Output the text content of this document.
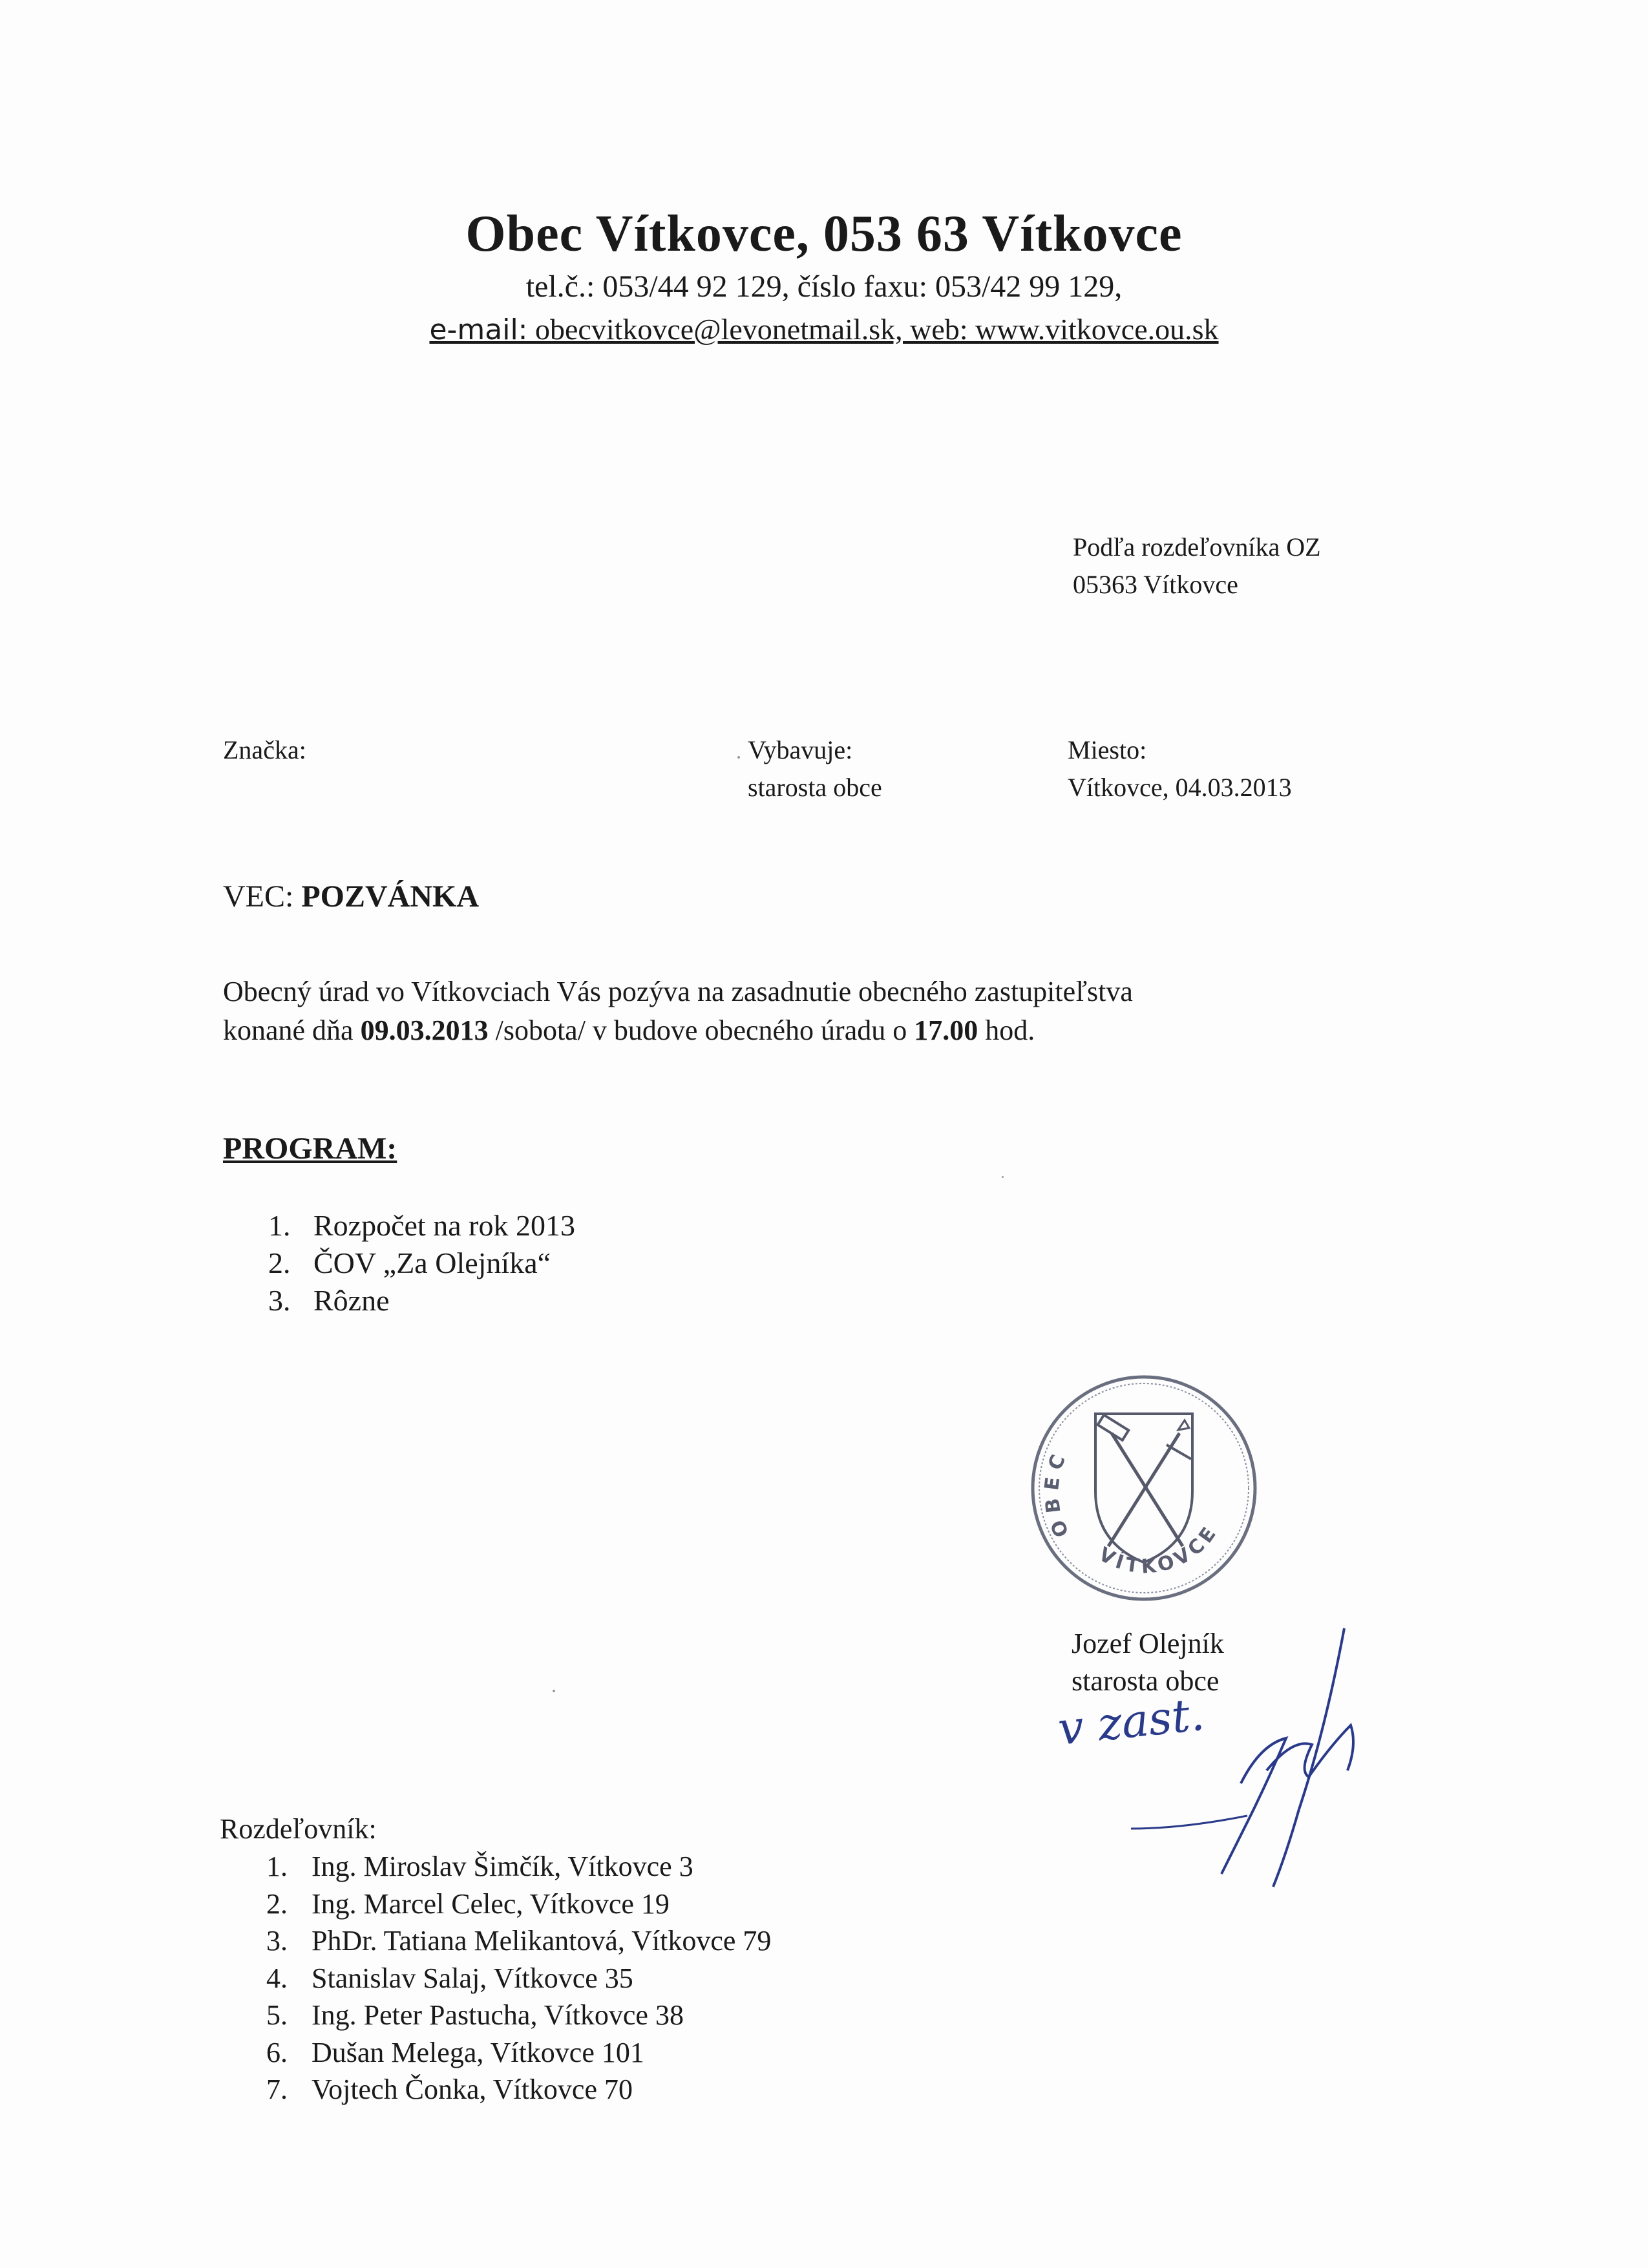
Obec Vítkovce, 053 63 Vítkovce
tel.č.: 053/44 92 129, číslo faxu: 053/42 99 129,
e-mail: obecvitkovce@levonetmail.sk, web: www.vitkovce.ou.sk
Podľa rozdeľovníka OZ
05363 Vítkovce
Značka:	Vybavuje:
starosta obce
Miesto:
Vítkovce, 04.03.2013
VEC: POZVÁNKA
Obecný úrad vo Vítkovciach Vás pozýva na zasadnutie obecného zastupiteľstva
konané dňa 09.03.2013 /sobota/ v budove obecného úradu o 17.00 hod.
PROGRAM:
1. Rozpočet na rok 2013
2. ČOV „Za Olejníka“
3. Rôzne
OBEC
VÍTKOVCE
Jozef Olejník
starosta obce
v zast.
Rozdeľovník:
1. Ing. Miroslav Šimčík, Vítkovce 3
2. Ing. Marcel Celec, Vítkovce 19
3. PhDr. Tatiana Melikantová, Vítkovce 79
4. Stanislav Salaj, Vítkovce 35
5. Ing. Peter Pastucha, Vítkovce 38
6. Dušan Melega, Vítkovce 101
7. Vojtech Čonka, Vítkovce 70
